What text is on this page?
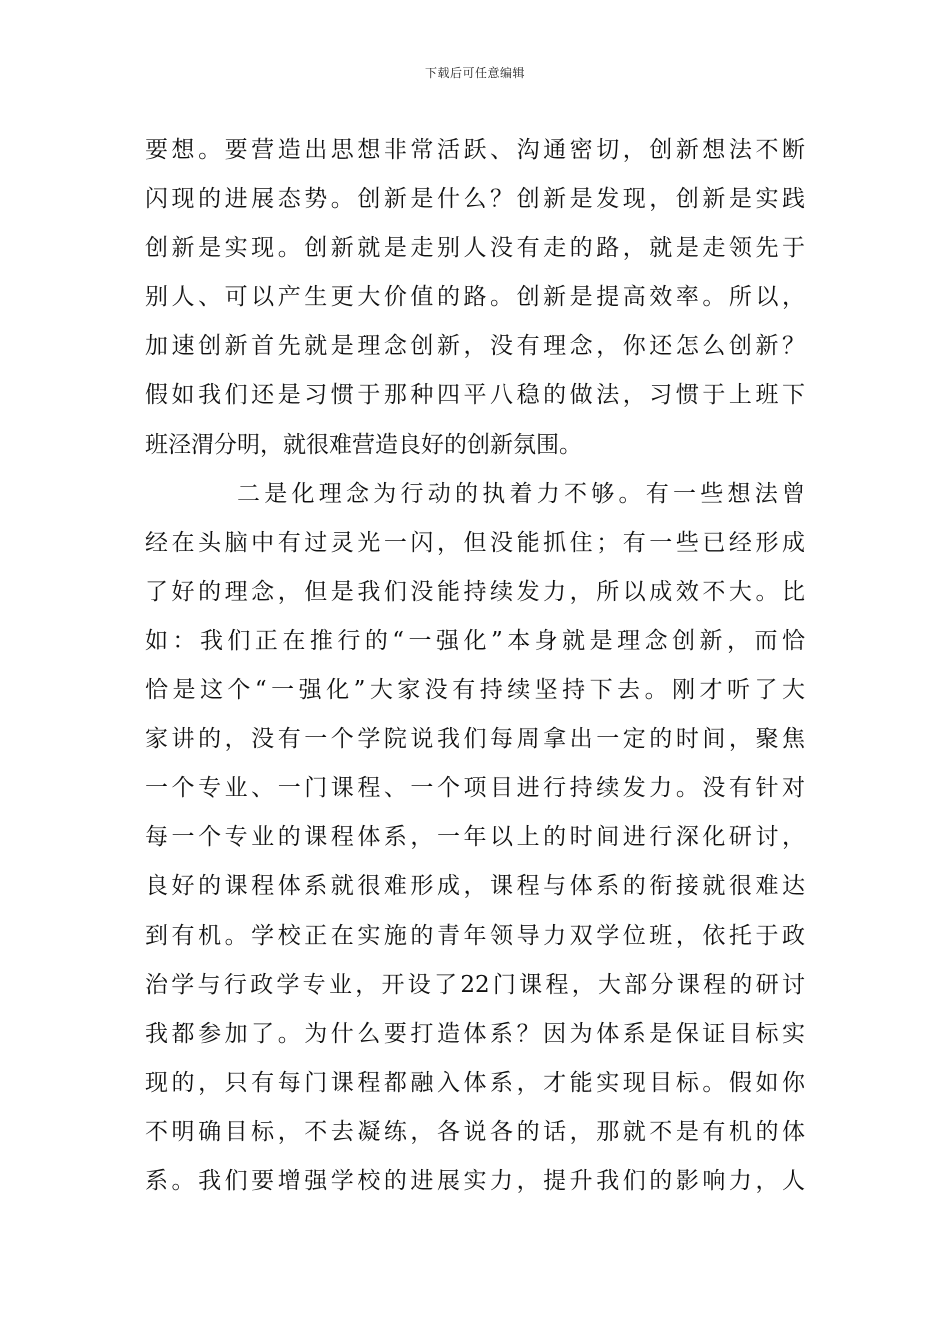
下载后可任意编辑
要想。要营造出思想非常活跃、沟通密切，创新想法不断
闪现的进展态势。创新是什么？创新是发现，创新是实践
创新是实现。创新就是走别人没有走的路，就是走领先于
别人、可以产生更大价值的路。创新是提高效率。所以，
加速创新首先就是理念创新，没有理念，你还怎么创新？
假如我们还是习惯于那种四平八稳的做法，习惯于上班下
班泾渭分明，就很难营造良好的创新氛围。
二是化理念为行动的执着力不够。有一些想法曾
经在头脑中有过灵光一闪，但没能抓住；有一些已经形成
了好的理念，但是我们没能持续发力，所以成效不大。比
如：我们正在推行的“一强化”本身就是理念创新，而恰
恰是这个“一强化”大家没有持续坚持下去。刚才听了大
家讲的，没有一个学院说我们每周拿出一定的时间，聚焦
一个专业、一门课程、一个项目进行持续发力。没有针对
每一个专业的课程体系，一年以上的时间进行深化研讨，
良好的课程体系就很难形成，课程与体系的衔接就很难达
到有机。学校正在实施的青年领导力双学位班，依托于政
治学与行政学专业，开设了22门课程，大部分课程的研讨
我都参加了。为什么要打造体系？因为体系是保证目标实
现的，只有每门课程都融入体系，才能实现目标。假如你
不明确目标，不去凝练，各说各的话，那就不是有机的体
系。我们要增强学校的进展实力，提升我们的影响力，人
